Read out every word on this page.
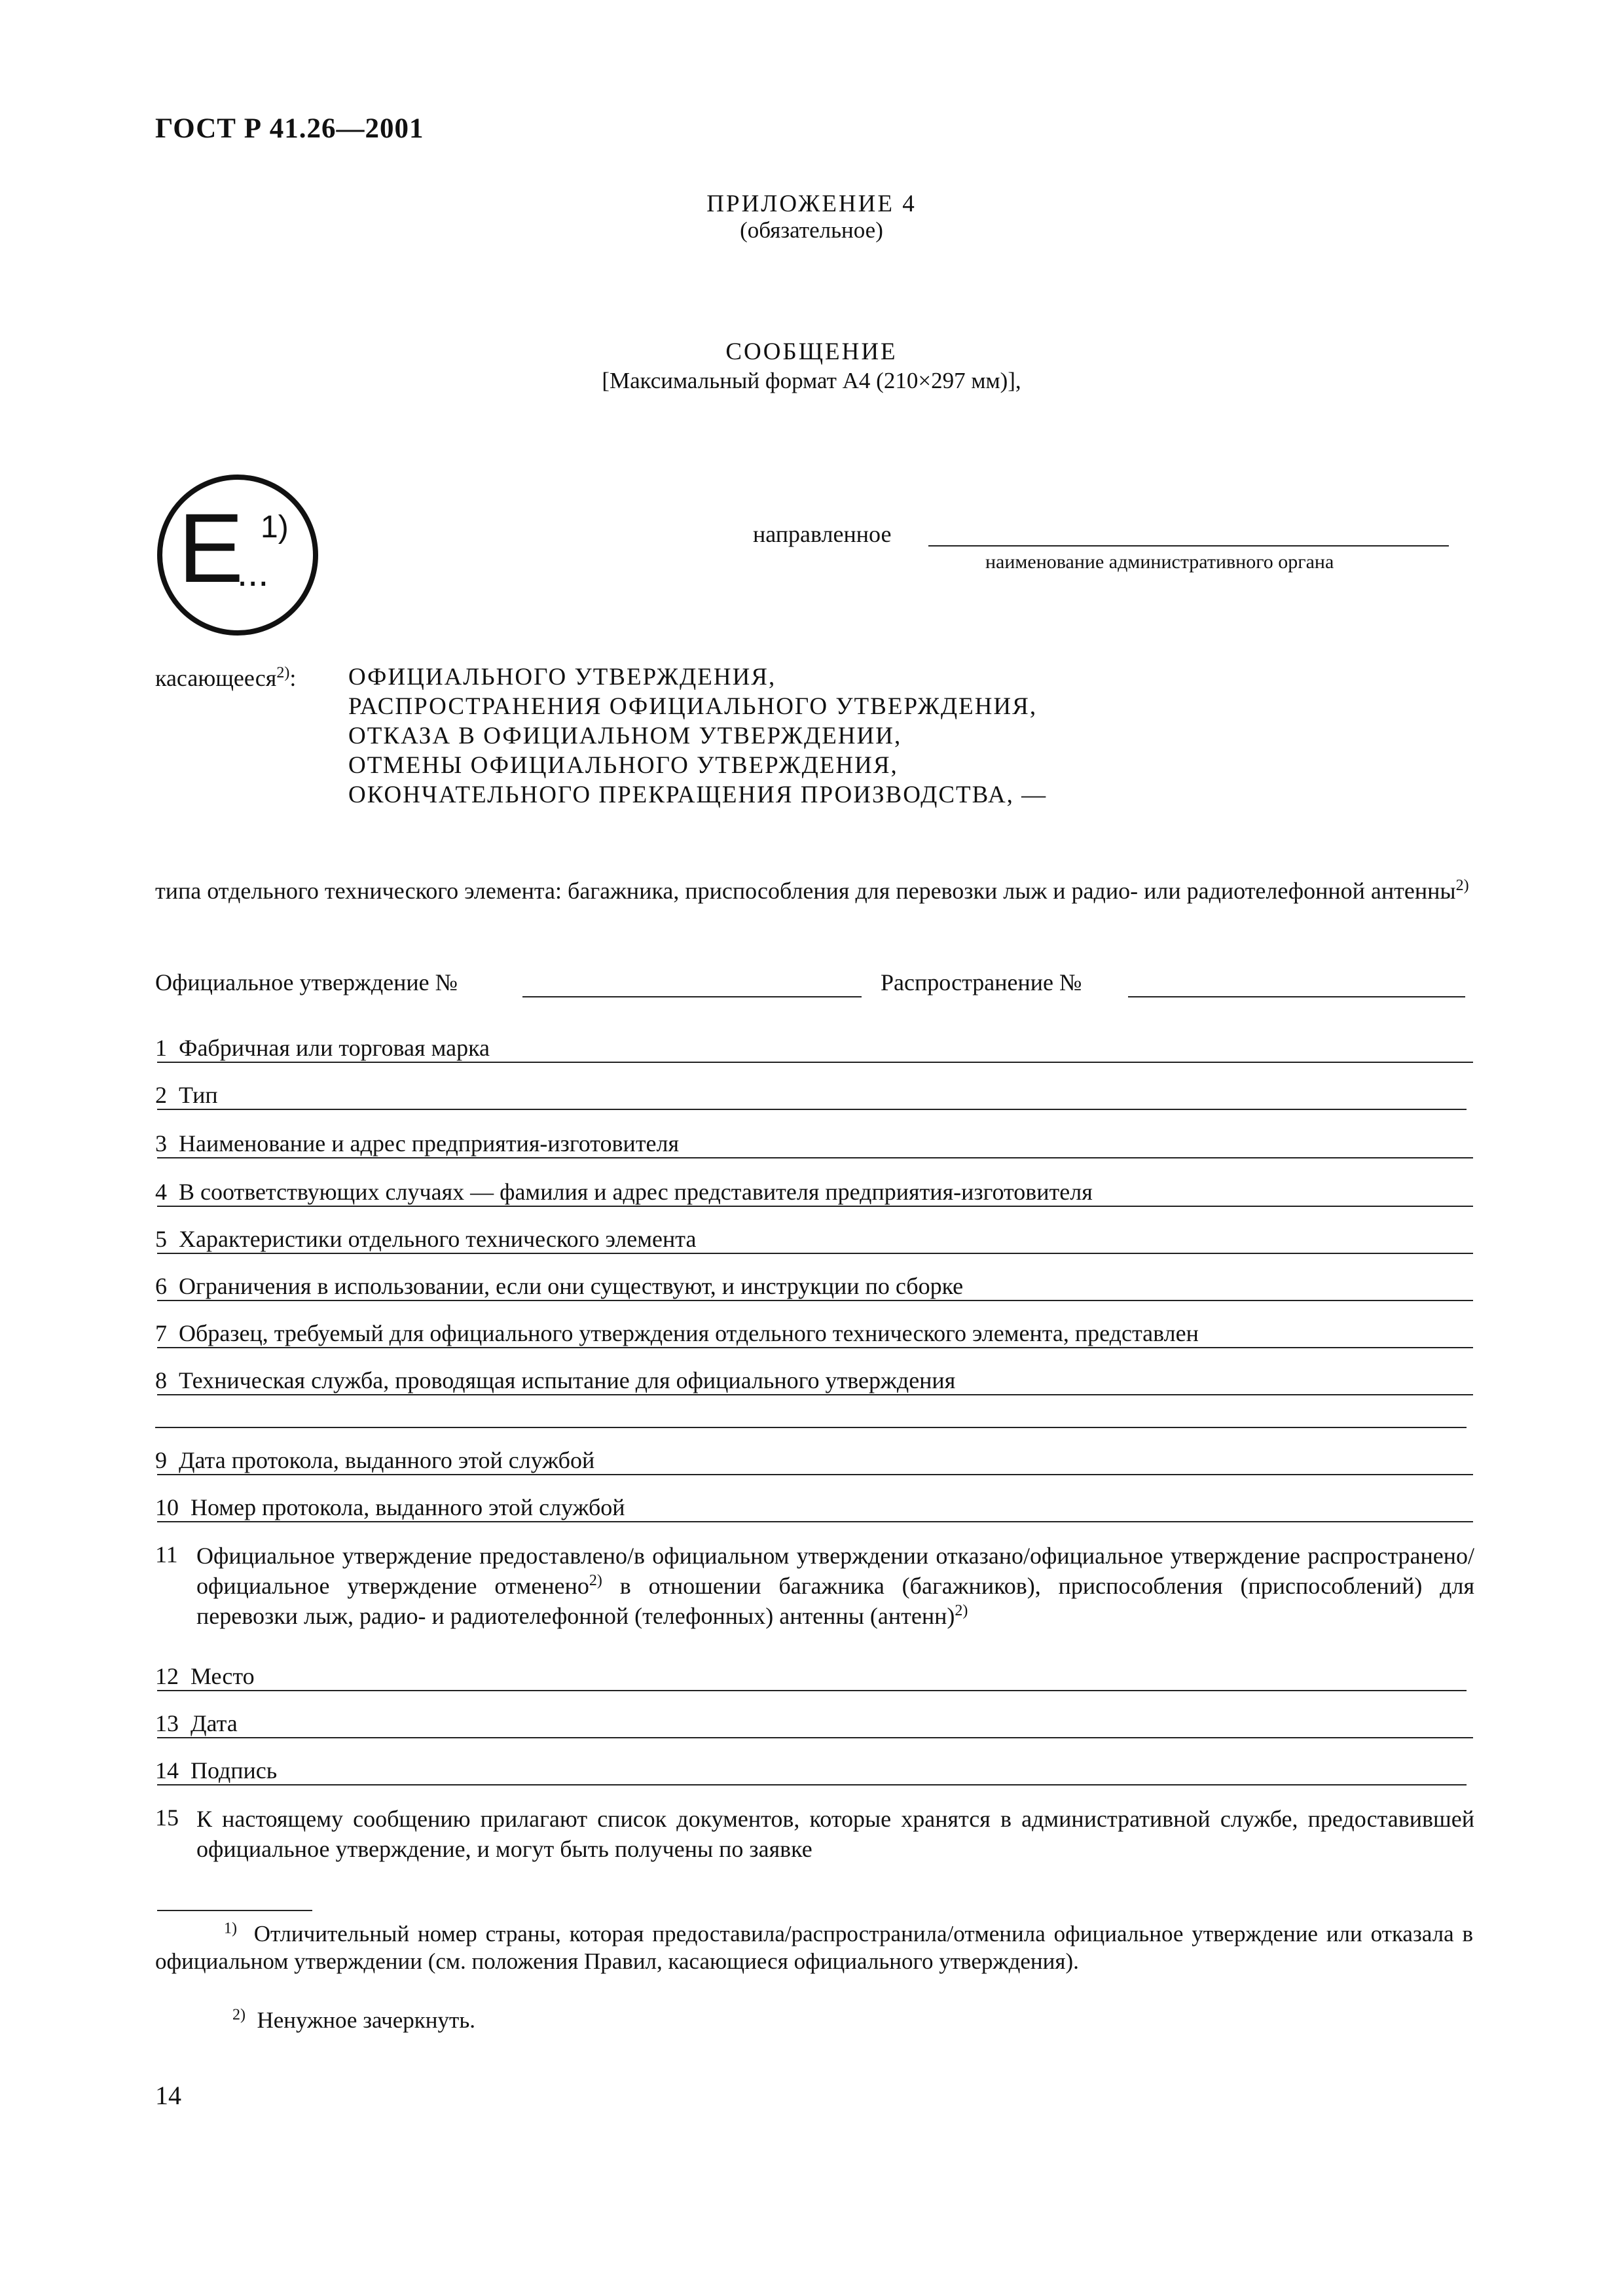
ГОСТ Р 41.26—2001
ПРИЛОЖЕНИЕ 4
(обязательное)
СООБЩЕНИЕ
[Максимальный формат А4 (210×297 мм)],
E
...
1)	направленное
наименование административного органа
касающееся$^{2)}$: ОФИЦИАЛЬНОГО УТВЕРЖДЕНИЯ,
РАСПРОСТРАНЕНИЯ ОФИЦИАЛЬНОГО УТВЕРЖДЕНИЯ,
ОТКАЗА В ОФИЦИАЛЬНОМ УТВЕРЖДЕНИИ,
ОТМЕНЫ ОФИЦИАЛЬНОГО УТВЕРЖДЕНИЯ,
ОКОНЧАТЕЛЬНОГО ПРЕКРАЩЕНИЯ ПРОИЗВОДСТВА, —
типа отдельного технического элемента: багажника, приспособления для перевозки лыж и радио- или радиотелефонной антенны$^{2)}$
Официальное утверждение №	Распространение №
1 Фабричная или торговая марка
2 Тип
3 Наименование и адрес предприятия-изготовителя
4 В соответствующих случаях — фамилия и адрес представителя предприятия-изготовителя
5 Характеристики отдельного технического элемента
6 Ограничения в использовании, если они существуют, и инструкции по сборке
7 Образец, требуемый для официального утверждения отдельного технического элемента, представлен
8 Техническая служба, проводящая испытание для официального утверждения
9 Дата протокола, выданного этой службой
10 Номер протокола, выданного этой службой
11 Официальное утверждение предоставлено/в официальном утверждении отказано/официальное утверждение распространено/официальное утверждение отменено$^{2)}$ в отношении багажника (багажников), приспособления (приспособлений) для перевозки лыж, радио- и радиотелефонной (телефонных) антенны (антенн)$^{2)}$
12 Место
13 Дата
14 Подпись
15 К настоящему сообщению прилагают список документов, которые хранятся в административной службе, предоставившей официальное утверждение, и могут быть получены по заявке
$^{1)}$ Отличительный номер страны, которая предоставила/распространила/отменила официальное утверждение или отказала в официальном утверждении (см. положения Правил, касающиеся официального утверждения).
$^{2)}$ Ненужное зачеркнуть.
14
